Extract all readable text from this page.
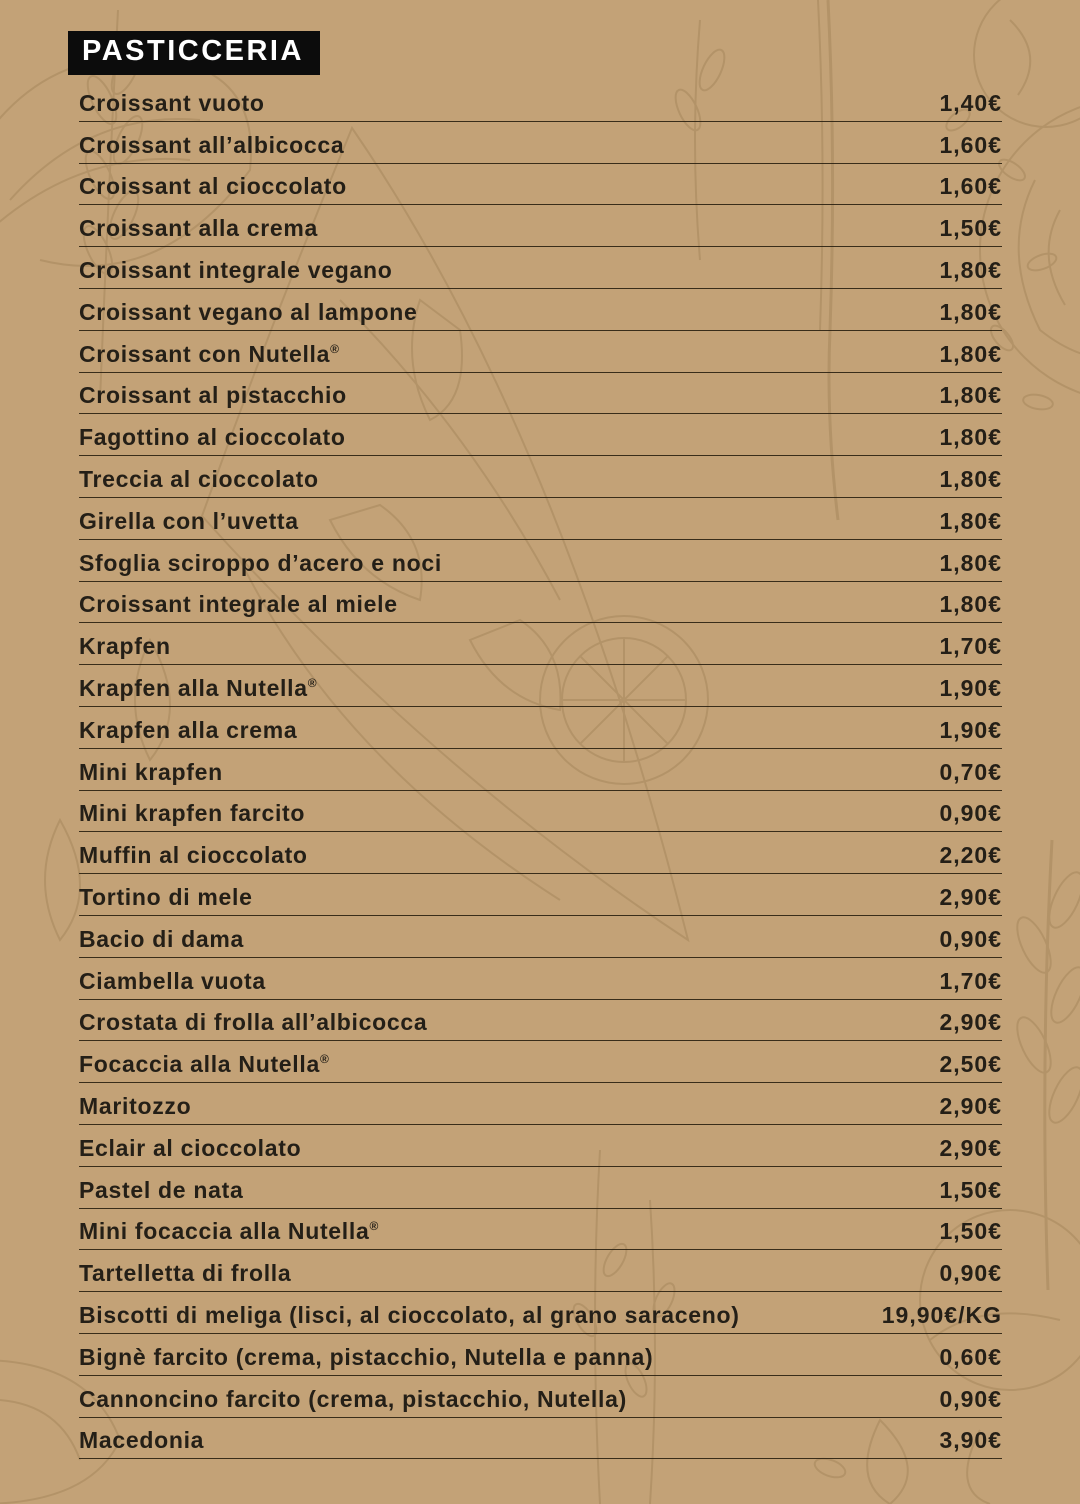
PASTICCERIA
Croissant vuoto	1,40€
Croissant all’albicocca	1,60€
Croissant al cioccolato	1,60€
Croissant alla crema	1,50€
Croissant integrale vegano	1,80€
Croissant vegano al lampone	1,80€
Croissant con Nutella®	1,80€
Croissant al pistacchio	1,80€
Fagottino al cioccolato	1,80€
Treccia al cioccolato	1,80€
Girella con l’uvetta	1,80€
Sfoglia sciroppo d’acero e noci	1,80€
Croissant integrale al miele	1,80€
Krapfen	1,70€
Krapfen alla Nutella®	1,90€
Krapfen alla crema	1,90€
Mini krapfen	0,70€
Mini krapfen farcito	0,90€
Muffin al cioccolato	2,20€
Tortino di mele	2,90€
Bacio di dama	0,90€
Ciambella vuota	1,70€
Crostata di frolla all’albicocca	2,90€
Focaccia alla Nutella®	2,50€
Maritozzo	2,90€
Eclair al cioccolato	2,90€
Pastel de nata	1,50€
Mini focaccia alla Nutella®	1,50€
Tartelletta di frolla	0,90€
Biscotti di meliga (lisci, al cioccolato, al grano saraceno)	19,90€/KG
Bignè farcito (crema, pistacchio, Nutella e panna)	0,60€
Cannoncino farcito (crema, pistacchio, Nutella)	0,90€
Macedonia	3,90€
